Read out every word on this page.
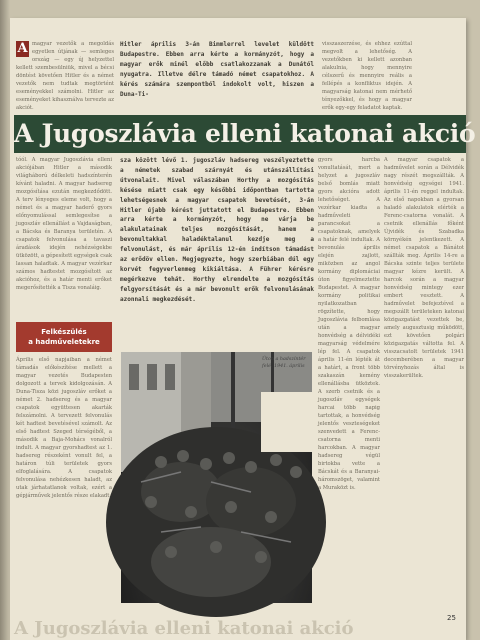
A magyar vezetők a megoldás egyetlen útjának — semleges ország — egy új helyzettel kellett szembesülniük, mivel a bécsi döntést követően Hitler és a német vezetők nem tudtak megtörtént eseményekkel számolni. Hitler az eseményeket kihasználva tervezte az akciót.
Hitler április 3-án Bimmlerrel levelet küldött Budapestre. Ebben arra kérte a kormányzót, hogy a magyar erők minél előbb csatlakozzanak a Dunától nyugatra. Illetve délre támadó német csapatokhoz. A kérés számára szempontból indokolt volt, hiszen a Duna-Ti-
visszaszerzése, és ehhez ezúttal megvolt a lehetőség. A vezetőkben ki kellett azonban alakulnia, hogy mennyire célszerű és mennyire reális a fellépés a konfliktus idején. A magyarság katonai nem mérhető tényezőkkel, és hogy a magyar erők egy-egy feladatot kaptak.
A Jugoszlávia elleni katonai akció
tóól. A magyar Jugoszlávia elleni akciójában Hitler a második világháború délkeleti hadszínterén kívánt haladni. A magyar hadsereg mozgósítása ezután megkezdődött. A terv lényeges eleme volt, hogy a német és a magyar haderő gyors előnyomulással semlegesítse a jugoszláv ellenállást a Vajdaságban, a Bácska és Baranya területén. A csapatok felvonulása a tavaszi áradások idején nehézségekbe ütközött, a gépesített egységek csak lassan haladtak. A magyar vezérkar számos hadtestet mozgósított az akcióhoz, és a határ menti erőket megerősítették a Tisza vonaláig.
sza között lévő 1. jugoszláv hadsereg veszélyeztette a németek szabad szárnyát és utánszállítási útvonalait. Mivel válaszában Horthy a mozgósítás késése miatt csak egy későbbi időpontban tartotta lehetségesnek a magyar csapatok bevetését, 3-án Hitler újabb kérést juttatott el Budapestre. Ebben arra kérte a kormányzót, hogy ne várja be alakulatainak teljes mozgósítását, hanem a bevonultakkal haladéktalanul kezdje meg a felvonulást, és már április 12-én indítson támadást az erődöv ellen. Megjegyezte, hogy szerbiában dúl egy korvét fegyverlenmeg kikiáltása. A Führer kérésre megérkezve tehát. Horthy elrendelte a mozgósítás felgyorsítását és a már bevonult erők felvonulásának azonnali megkezdését.
gyors harcba vonultatását, mert a helyzet a jugoszláv belső bomlás miatt gyors akcióra adott lehetőséget. A vezérkar kiadta a hadműveleti parancsokat a csapatoknak, amelyek a határ felé indultak. A bevonulás április elején zajlott, miközben az angol kormány diplomáciai úton figyelmeztette Budapestet. A magyar kormány politikai nyilatkozatban rögzítette, hogy Jugoszlávia felbomlása után a magyar honvédség a délvidéki magyarság védelmére lép fel. A csapatok április 11-én lépték át a határt, a front több szakaszán kemény ellenállásba ütköztek. A szerb csetnik és a jugoszláv egységek harcai több napig tartottak, a honvédség jelentős veszteségeket szenvedett a Ferenc-csatorna menti harcokban. A magyar hadsereg végül birtokba vette a Bácskát és a Baranyai-háromszöget, valamint a Muraközt is.
A magyar csapatok a hadművelet során a Délvidék nagy részét megszállták. A honvédség egységei 1941. április 11-én reggel indultak. Az első napokban a gyorsan haladó alakulatok elérték a Ferenc-csatorna vonalát. A csetnik ellenállás főként Újvidék és Szabadka környékén jelentkezett. A német csapatok a Bánátot szállták meg. Április 14-re a Bácska szinte teljes területe magyar kézre került. A harcok során a magyar honvédség mintegy ezer embert vesztett. A hadművelet befejeztével a megszállt területeken katonai közigazgatást vezettek be, amely augusztusig működött, ezt követően polgári közigazgatás váltotta fel. A visszacsatolt területek 1941 decemberében a magyar törvényhozás által is visszakerültek.
Felkészülés
a hadműveletekre
Április első napjaiban a német támadás előkészítése mellett a magyar vezetés Budapesten dolgozott a tervek kidolgozásán. A Duna-Tisza közi jugoszláv erőket a német 2. hadsereg és a magyar csapatok együttesen akarták felszámolni. A tervezett felvonulás két hadtest bevetésével számolt. Az első hadtest Szeged térségéből, a második a Baja-Mohács vonalról indult. A magyar gyorshadtest az 1. hadsereg részeként vonult fel, a határon túli területek gyors elfoglalására. A csapatok felvonulása nehézkesen haladt, az utak járhatatlanok voltak, ezért a gépjárművek jelentős része elakadt.
Úton a hadszíntér felé. 1941. április
25
A Jugoszlávia elleni katonai akció
